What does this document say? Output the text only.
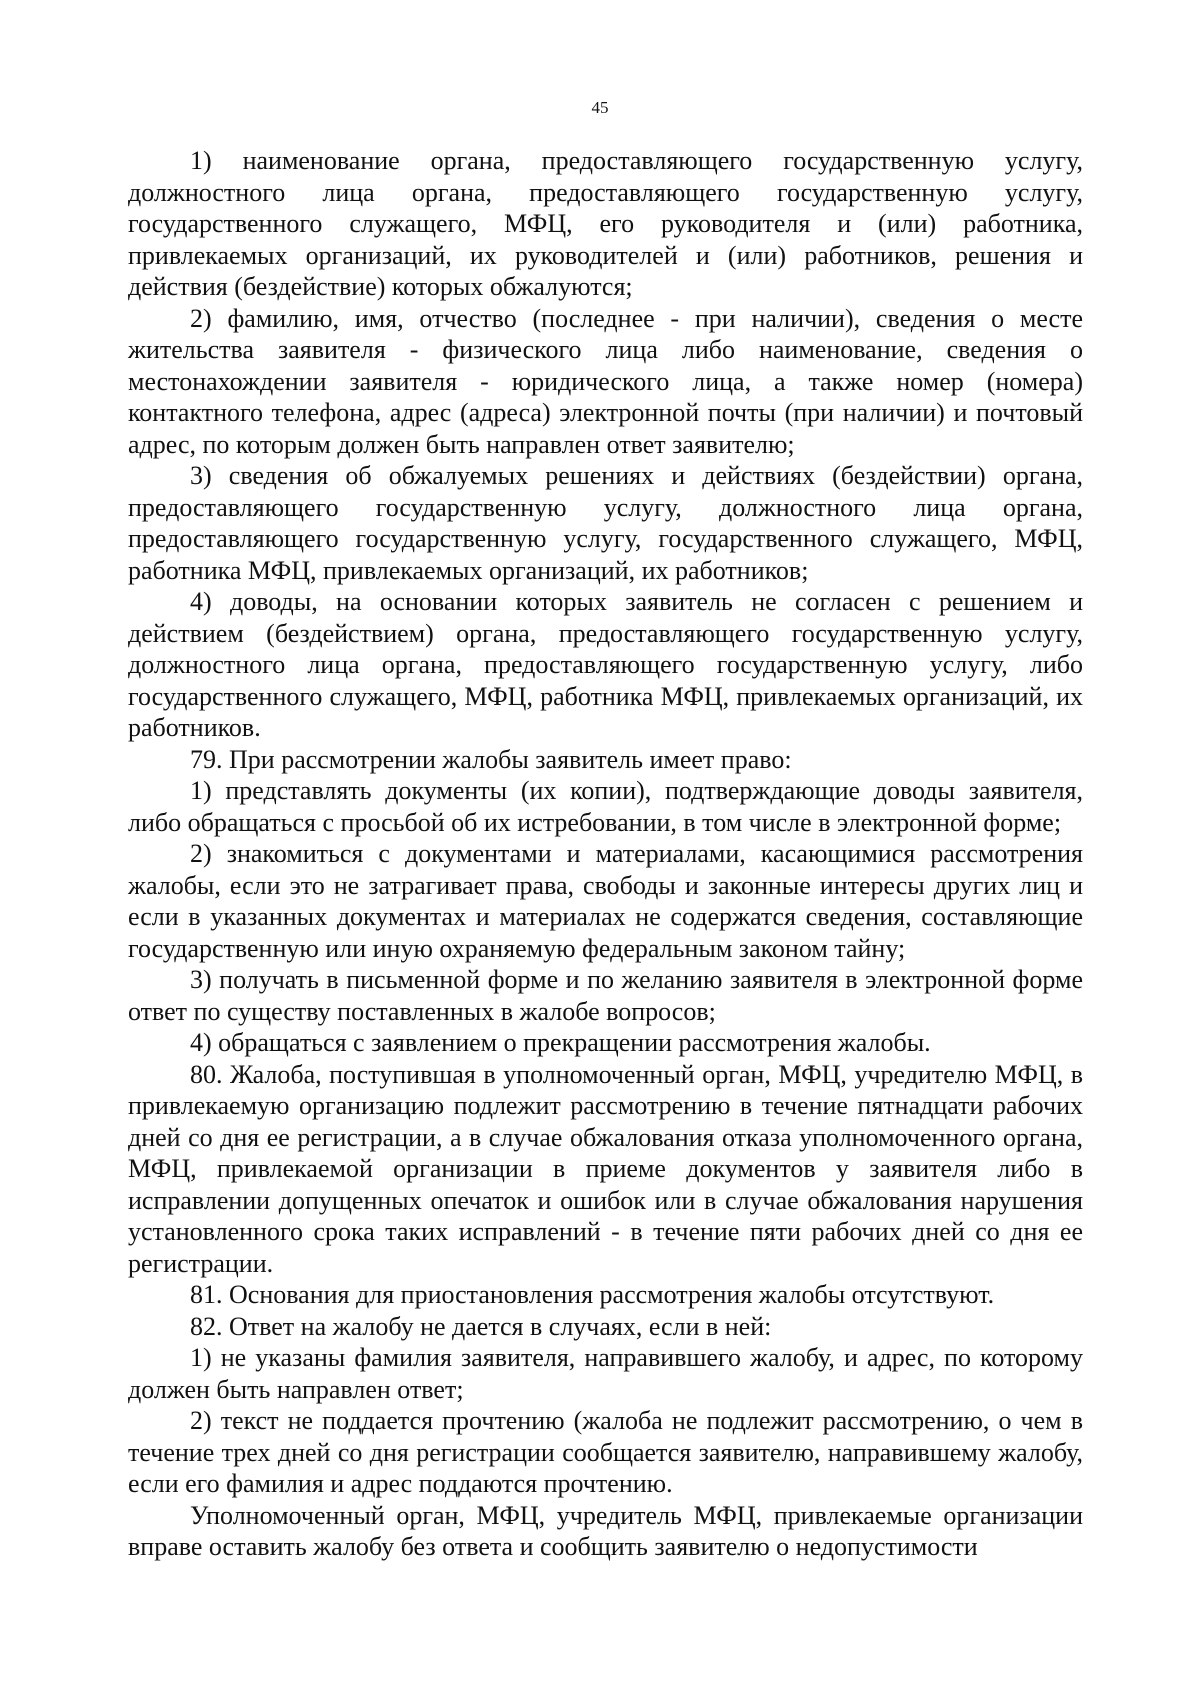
45

1) наименование органа, предоставляющего государственную услугу, должностного лица органа, предоставляющего государственную услугу, государственного служащего, МФЦ, его руководителя и (или) работника, привлекаемых организаций, их руководителей и (или) работников, решения и действия (бездействие) которых обжалуются;

2) фамилию, имя, отчество (последнее - при наличии), сведения о месте жительства заявителя - физического лица либо наименование, сведения о местонахождении заявителя - юридического лица, а также номер (номера) контактного телефона, адрес (адреса) электронной почты (при наличии) и почтовый адрес, по которым должен быть направлен ответ заявителю;

3) сведения об обжалуемых решениях и действиях (бездействии) органа, предоставляющего государственную услугу, должностного лица органа, предоставляющего государственную услугу, государственного служащего, МФЦ, работника МФЦ, привлекаемых организаций, их работников;

4) доводы, на основании которых заявитель не согласен с решением и действием (бездействием) органа, предоставляющего государственную услугу, должностного лица органа, предоставляющего государственную услугу, либо государственного служащего, МФЦ, работника МФЦ, привлекаемых организаций, их работников.

79. При рассмотрении жалобы заявитель имеет право:

1) представлять документы (их копии), подтверждающие доводы заявителя, либо обращаться с просьбой об их истребовании, в том числе в электронной форме;

2) знакомиться с документами и материалами, касающимися рассмотрения жалобы, если это не затрагивает права, свободы и законные интересы других лиц и если в указанных документах и материалах не содержатся сведения, составляющие государственную или иную охраняемую федеральным законом тайну;

3) получать в письменной форме и по желанию заявителя в электронной форме ответ по существу поставленных в жалобе вопросов;

4) обращаться с заявлением о прекращении рассмотрения жалобы.

80. Жалоба, поступившая в уполномоченный орган, МФЦ, учредителю МФЦ, в привлекаемую организацию подлежит рассмотрению в течение пятнадцати рабочих дней со дня ее регистрации, а в случае обжалования отказа уполномоченного органа, МФЦ, привлекаемой организации в приеме документов у заявителя либо в исправлении допущенных опечаток и ошибок или в случае обжалования нарушения установленного срока таких исправлений - в течение пяти рабочих дней со дня ее регистрации.

81. Основания для приостановления рассмотрения жалобы отсутствуют.

82. Ответ на жалобу не дается в случаях, если в ней:

1) не указаны фамилия заявителя, направившего жалобу, и адрес, по которому должен быть направлен ответ;

2) текст не поддается прочтению (жалоба не подлежит рассмотрению, о чем в течение трех дней со дня регистрации сообщается заявителю, направившему жалобу, если его фамилия и адрес поддаются прочтению.

Уполномоченный орган, МФЦ, учредитель МФЦ, привлекаемые организации вправе оставить жалобу без ответа и сообщить заявителю о недопустимости
